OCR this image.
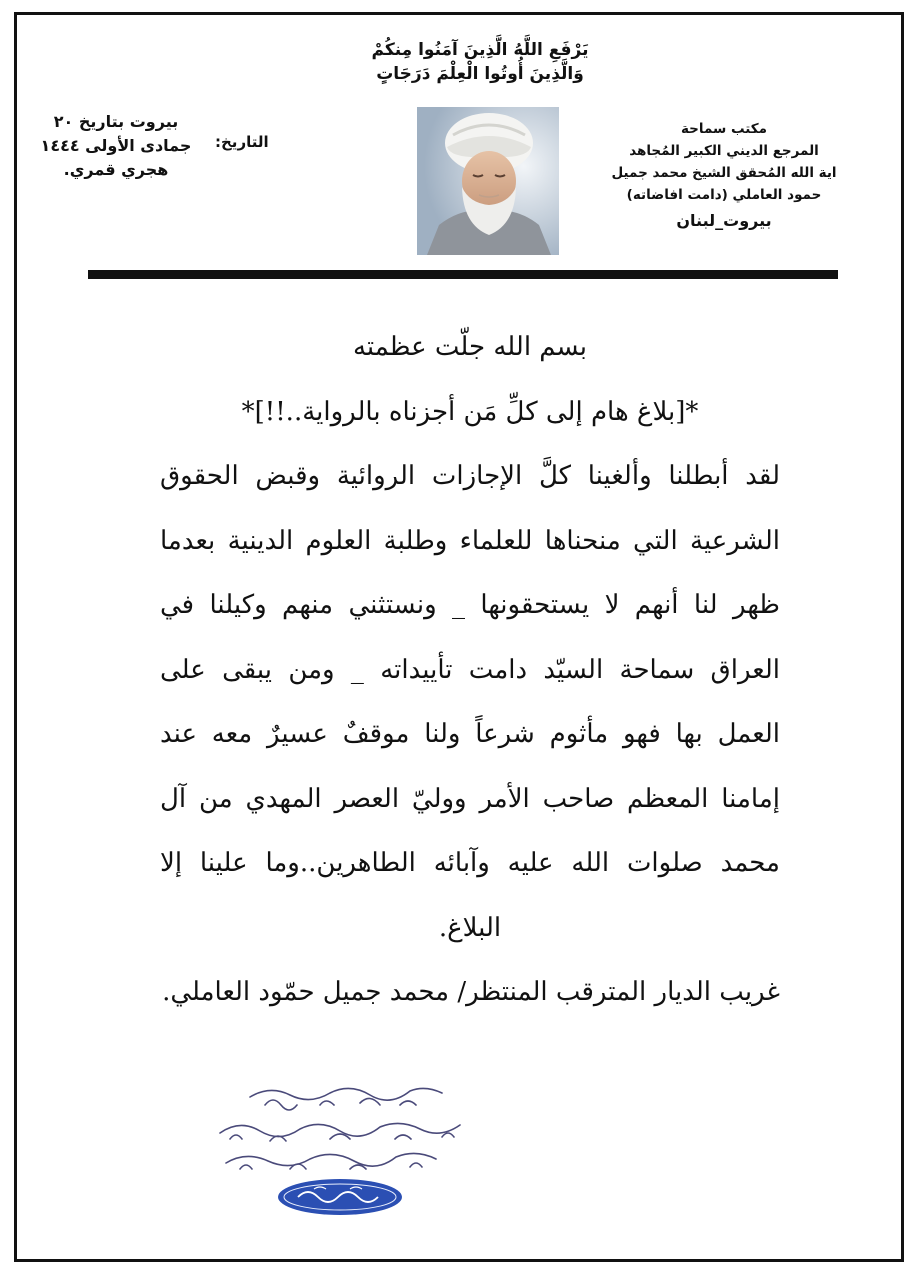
يَرْفَعِ اللَّهُ الَّذِينَ آمَنُوا مِنكُمْ
وَالَّذِينَ أُوتُوا الْعِلْمَ دَرَجَاتٍ
مكتب سماحة
المرجع الديني الكبير المُجاهد
اية الله المُحقق الشيخ محمد جميل
حمود العاملي (دامت افاضاته)
بيروت_لبنان
التاريخ:
بيروت بتاريخ ٢٠
جمادى الأولى ١٤٤٤
هجري قمري.

بسم الله جلّت عظمته

*[بلاغ هام إلى كلِّ مَن أجزناه بالرواية..!!]*

لقد أبطلنا وألغينا كلَّ الإجازات الروائية وقبض الحقوق الشرعية التي منحناها للعلماء وطلبة العلوم الدينية بعدما ظهر لنا أنهم لا يستحقونها _ ونستثني منهم وكيلنا في العراق سماحة السيّد دامت تأييداته _ ومن يبقى على العمل بها فهو مأثوم شرعاً ولنا موقفٌ عسيرٌ معه عند إمامنا المعظم صاحب الأمر ووليّ العصر المهدي من آل محمد صلوات الله عليه وآبائه الطاهرين..وما علينا إلا البلاغ.

غريب الديار المترقب المنتظر/ محمد جميل حمّود العاملي.
